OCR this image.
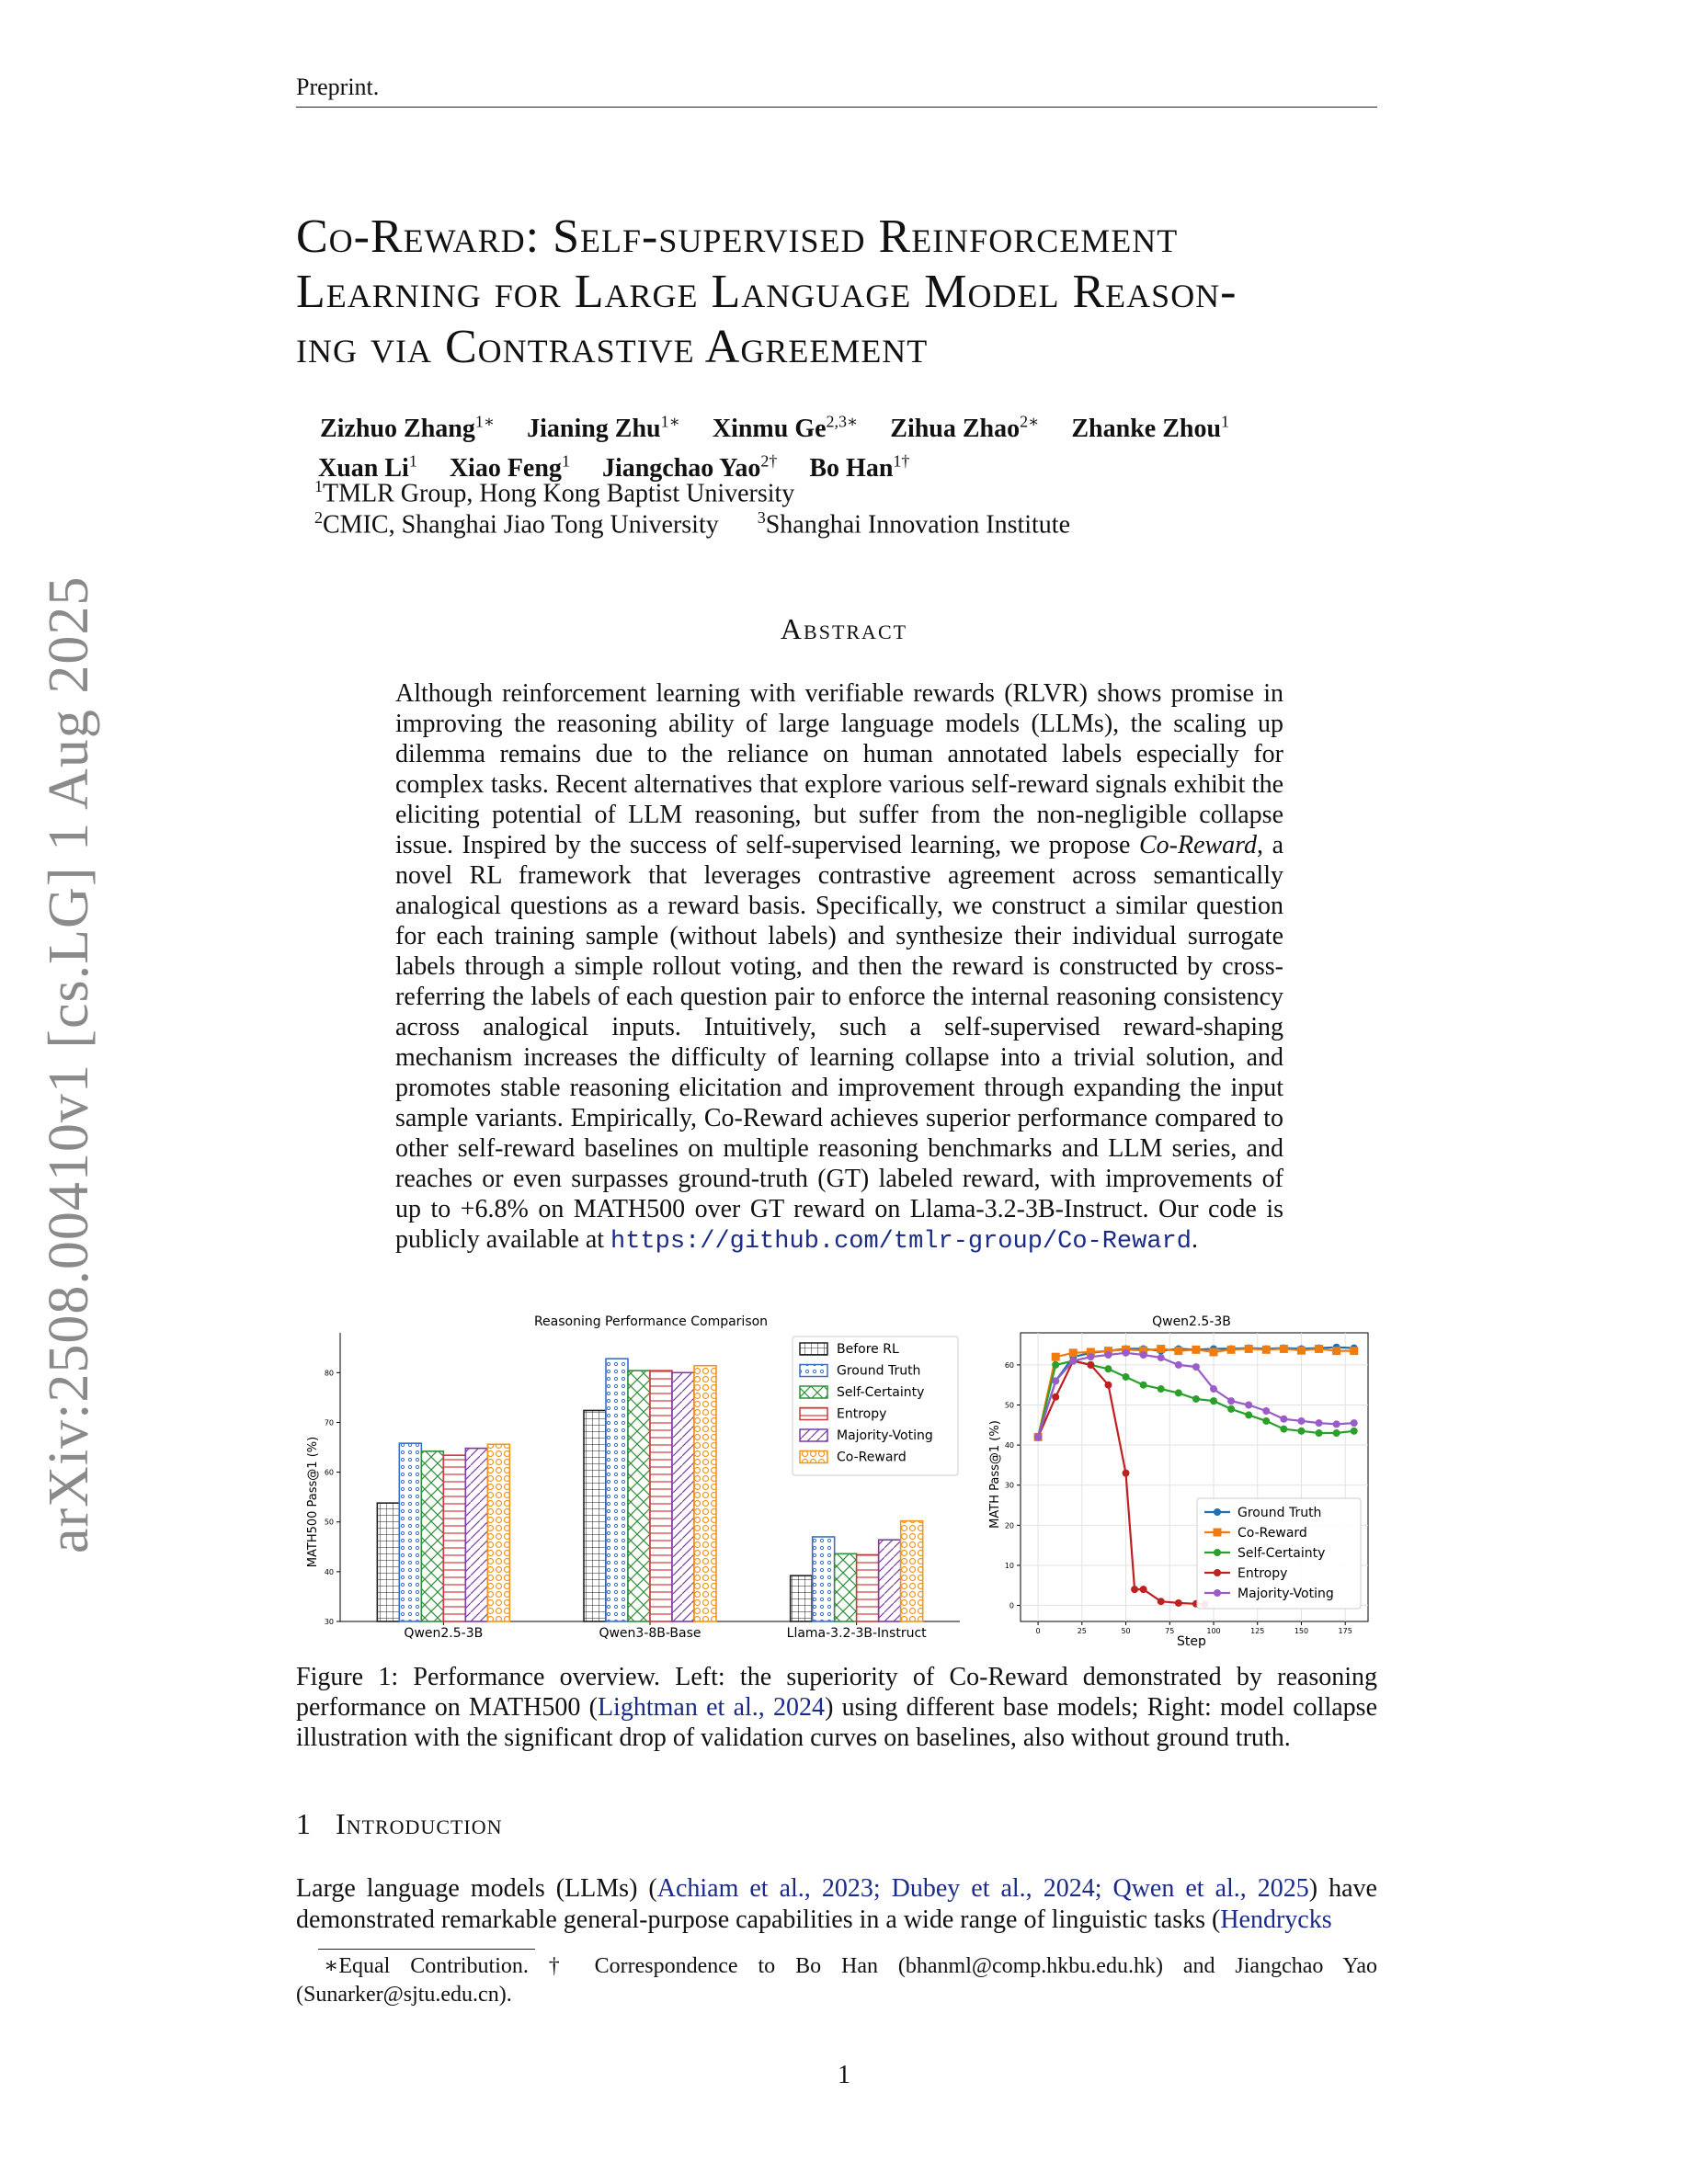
Preprint.
arXiv:2508.00410v1 [cs.LG] 1 Aug 2025
Co-Reward: Self-supervised Reinforcement
Learning for Large Language Model Reason-
ing via Contrastive Agreement
Zizhuo Zhang$^{1∗}$ Jianing Zhu$^{1∗}$ Xinmu $Ge^{2,3∗}$ Zihua Zhao$^{2∗}$ Zhanke Zhou$^1$
Xuan Li$^1$ Xiao Feng$^1$ Jiangchao Yao$^{2\dagger}$ Bo Han$^{1\dagger}$
$^1$TMLR Group, Hong Kong Baptist University
$^2$CMIC, Shanghai Jiao Tong University $^3$Shanghai Innovation Institute
Abstract
Although reinforcement learning with verifiable rewards (RLVR) shows promise in improving the reasoning ability of large language models (LLMs), the scaling up dilemma remains due to the reliance on human annotated labels especially for complex tasks. Recent alternatives that explore various self-reward signals exhibit the eliciting potential of LLM reasoning, but suffer from the non-negligible collapse issue. Inspired by the success of self-supervised learning, we propose Co-Reward, a novel RL framework that leverages contrastive agreement across semantically analogical questions as a reward basis. Specifically, we construct a similar question for each training sample (without labels) and synthesize their individual surrogate labels through a simple rollout voting, and then the reward is constructed by cross-referring the labels of each question pair to enforce the internal reasoning consistency across analogical inputs. Intuitively, such a self-supervised reward-shaping mechanism increases the difficulty of learning collapse into a trivial solution, and promotes stable reasoning elicitation and improvement through expanding the input sample variants. Empirically, Co-Reward achieves superior performance compared to other self-reward baselines on multiple reasoning benchmarks and LLM series, and reaches or even surpasses ground-truth (GT) labeled reward, with improvements of up to +6.8% on MATH500 over GT reward on Llama-3.2-3B-Instruct. Our code is publicly available at https://github.com/tmlr-group/Co-Reward.
Reasoning Performance Comparison
MATH500 Pass@1 (%)
30
40
50
60
70
80
Qwen2.5-3B	Qwen3-8B-Base	Llama-3.2-3B-Instruct
Before RL
Ground Truth
Self-Certainty
Entropy
Majority-Voting
Co-Reward
Qwen2.5-3B
MATH Pass@1 (%)
Step
0	25	50	75	100	125	150	175
0
10
20
30
40
50
60
Ground Truth
Co-Reward
Self-Certainty
Entropy
Majority-Voting
Figure 1: Performance overview. Left: the superiority of Co-Reward demonstrated by reasoning performance on MATH500 (Lightman et al., 2024) using different base models; Right: model collapse illustration with the significant drop of validation curves on baselines, also without ground truth.
1 Introduction
Large language models (LLMs) (Achiam et al., 2023; Dubey et al., 2024; Qwen et al., 2025) have demonstrated remarkable general-purpose capabilities in a wide range of linguistic tasks (Hendrycks
∗Equal Contribution. † Correspondence to Bo Han (bhanml@comp.hkbu.edu.hk) and Jiangchao Yao (Sunarker@sjtu.edu.cn).
1
